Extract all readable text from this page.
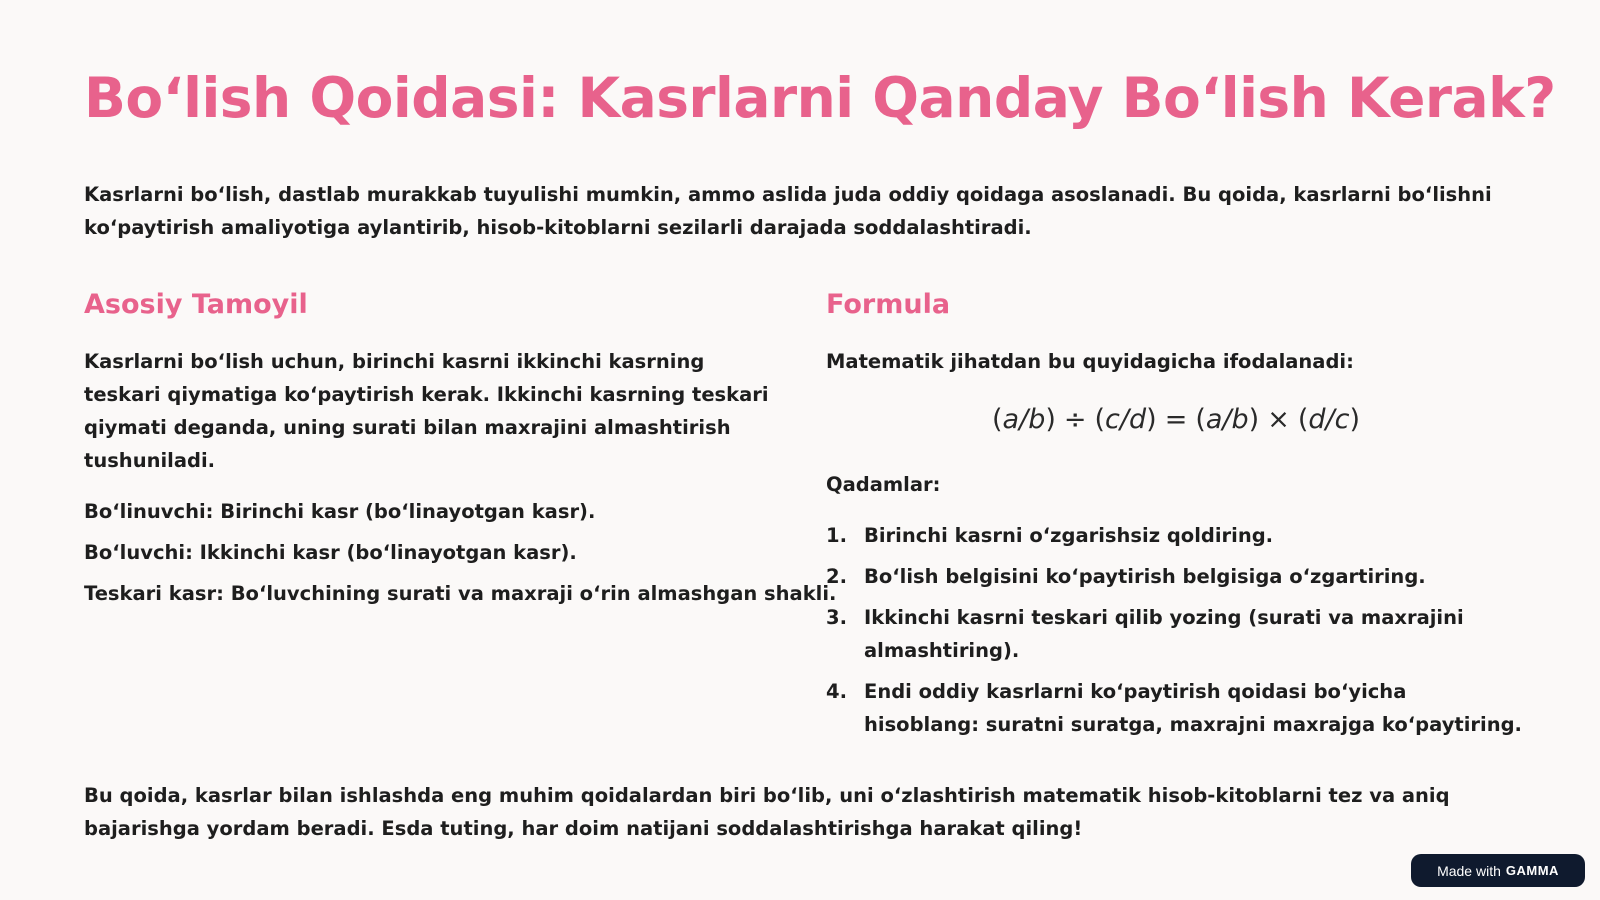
Bo‘lish Qoidasi: Kasrlarni Qanday Bo‘lish Kerak?

Kasrlarni bo‘lish, dastlab murakkab tuyulishi mumkin, ammo aslida juda oddiy qoidaga asoslanadi. Bu qoida, kasrlarni bo‘lishni ko‘paytirish amaliyotiga aylantirib, hisob-kitoblarni sezilarli darajada soddalashtiradi.

Asosiy Tamoyil

Kasrlarni bo‘lish uchun, birinchi kasrni ikkinchi kasrning teskari qiymatiga ko‘paytirish kerak. Ikkinchi kasrning teskari qiymati deganda, uning surati bilan maxrajini almashtirish tushuniladi.

Bo‘linuvchi: Birinchi kasr (bo‘linayotgan kasr).
Bo‘luvchi: Ikkinchi kasr (bo‘linayotgan kasr).
Teskari kasr: Bo‘luvchining surati va maxraji o‘rin almashgan shakli.
Formula

Matematik jihatdan bu quyidagicha ifodalanadi:

(a/b) ÷ (c/d) = (a/b) × (d/c)
Qadamlar:
1. Birinchi kasrni o‘zgarishsiz qoldiring.
2. Bo‘lish belgisini ko‘paytirish belgisiga o‘zgartiring.
3. Ikkinchi kasrni teskari qilib yozing (surati va maxrajini almashtiring).
4. Endi oddiy kasrlarni ko‘paytirish qoidasi bo‘yicha hisoblang: suratni suratga, maxrajni maxrajga ko‘paytiring.

Bu qoida, kasrlar bilan ishlashda eng muhim qoidalardan biri bo‘lib, uni o‘zlashtirish matematik hisob-kitoblarni tez va aniq bajarishga yordam beradi. Esda tuting, har doim natijani soddalashtirishga harakat qiling!

Made with GAMMA
